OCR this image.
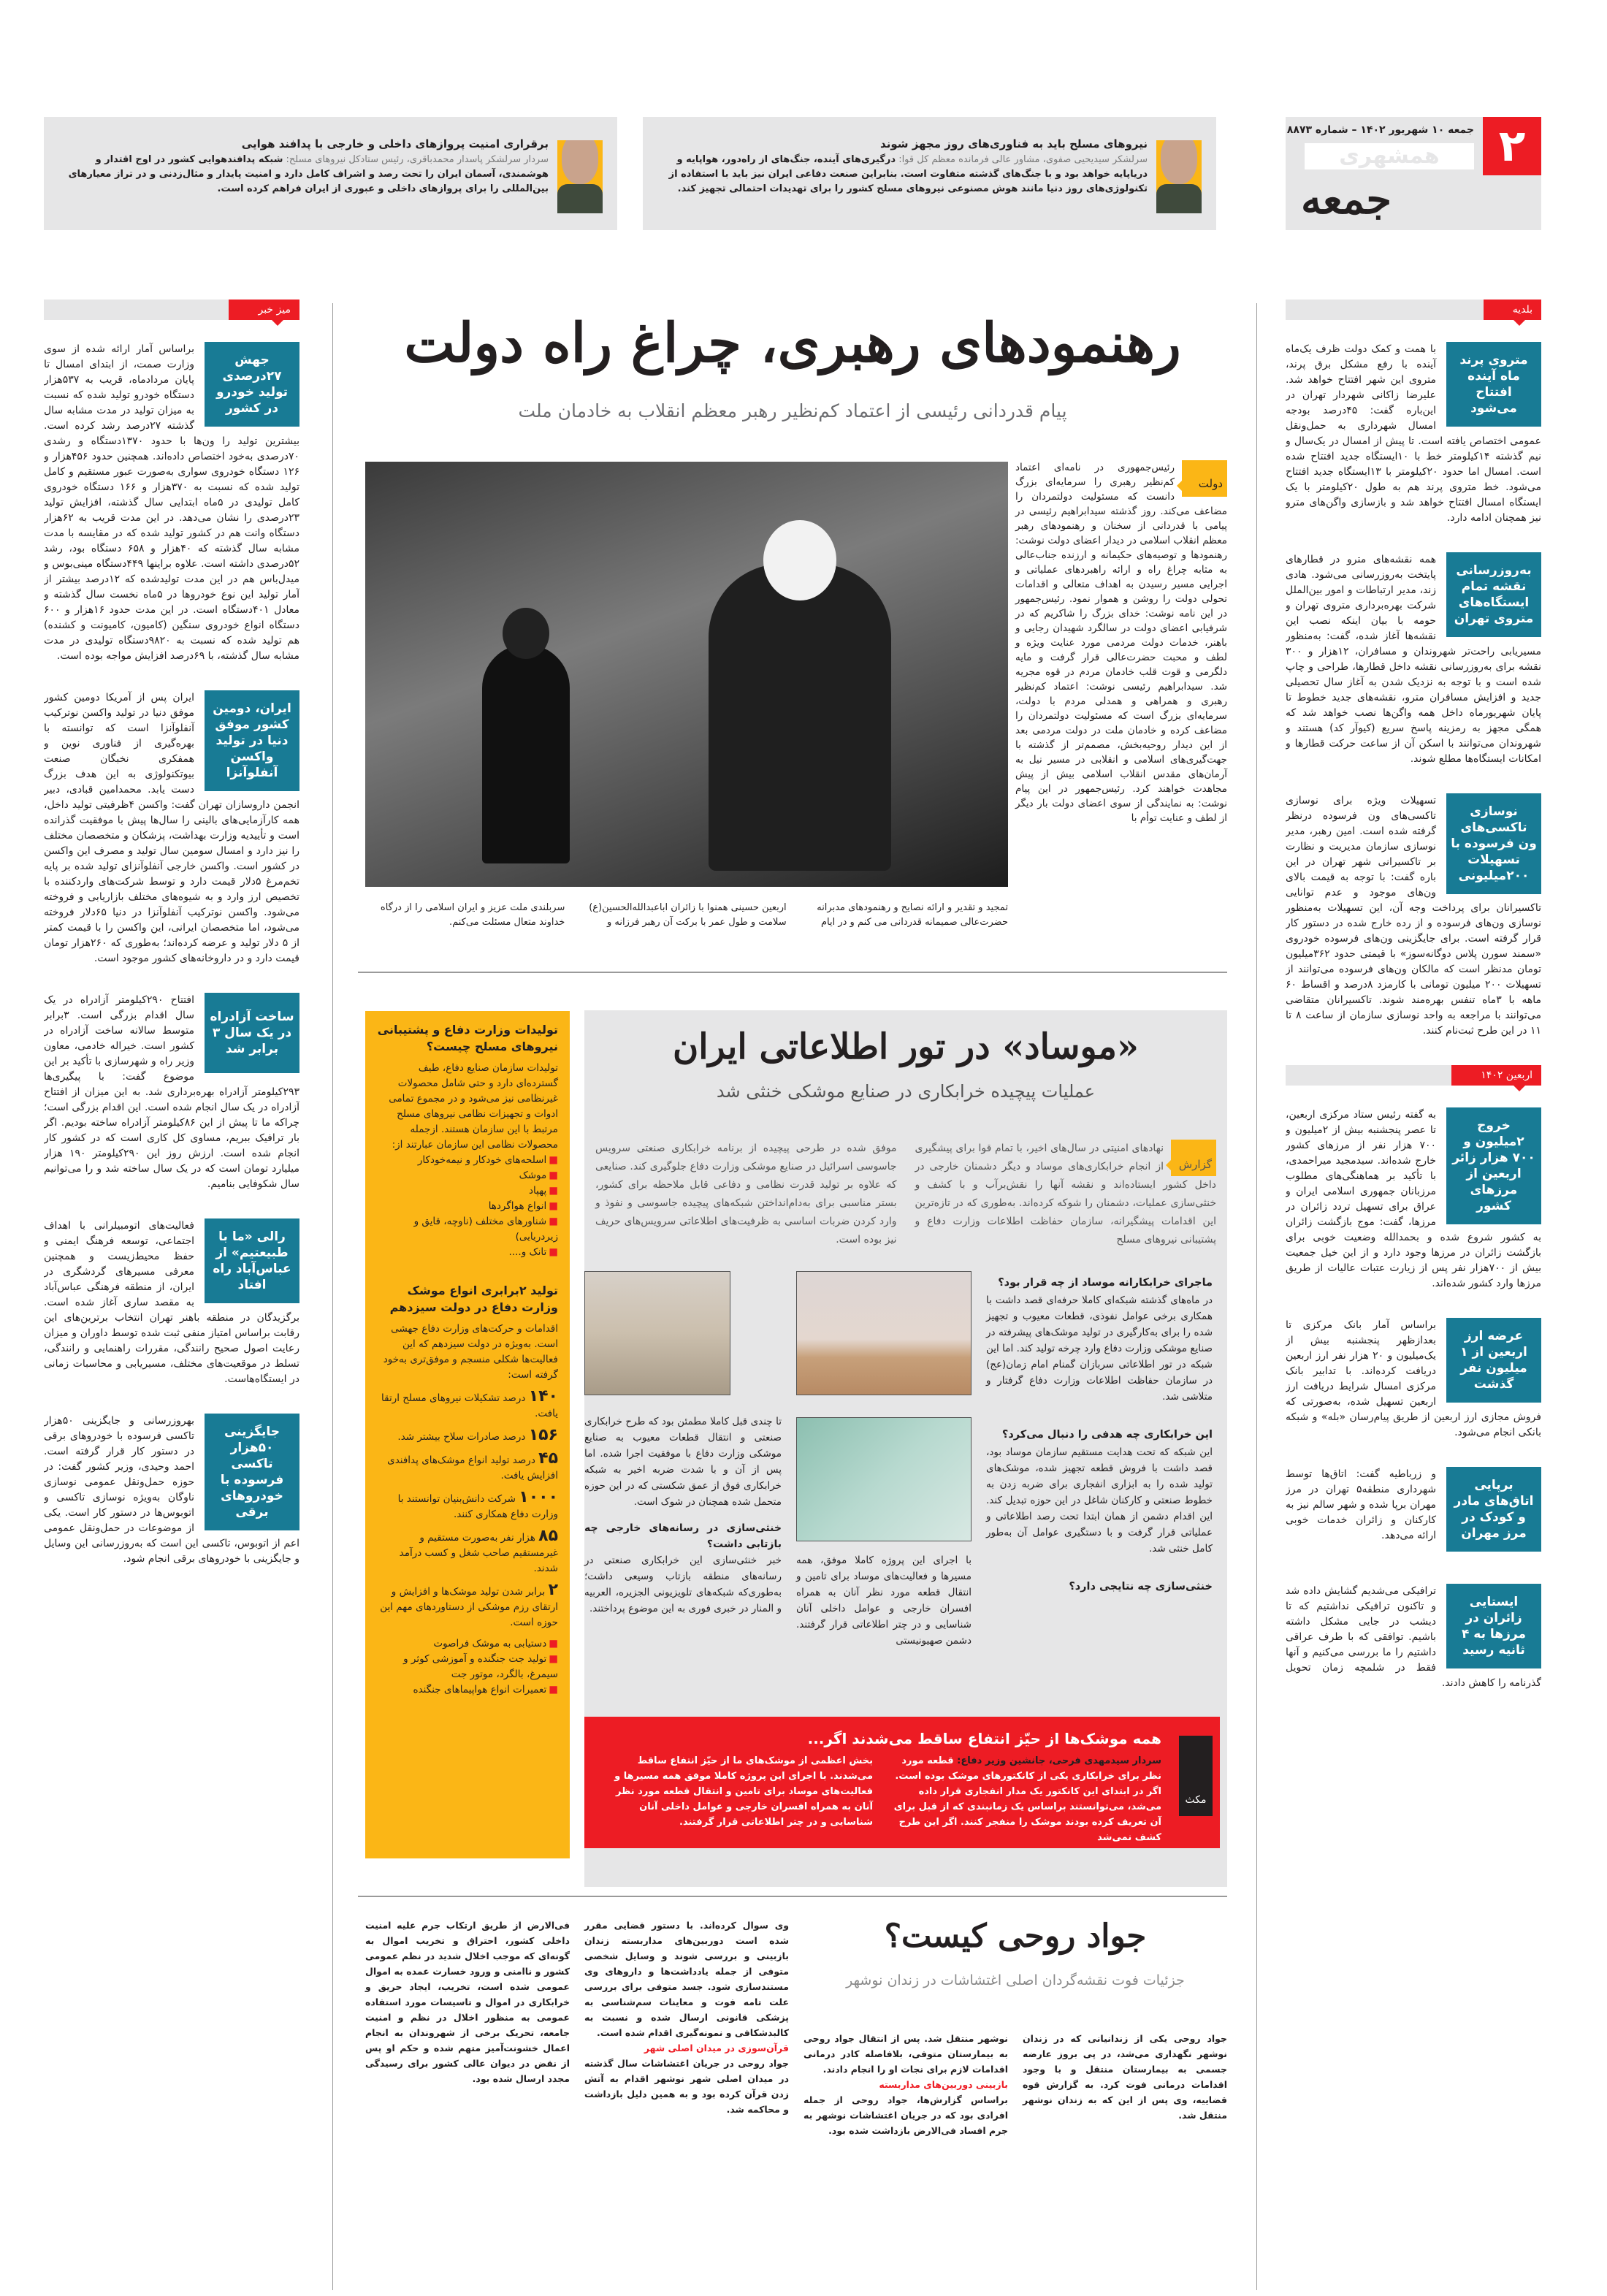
۲
جمعه ۱۰ شهریور ۱۴۰۲ – شماره ۸۸۷۳
همشهری
جمعه
نیروهای مسلح باید به فناوری‌های روز مجهز شوند

سرلشکر سیدیحیی صفوی، مشاور عالی فرمانده معظم کل قوا: درگیری‌های آینده، جنگ‌های از راه‌دور، هواپایه و دریاپایه خواهد بود و با جنگ‌های گذشته متفاوت است. بنابراین صنعت دفاعی ایران نیز باید با استفاده از تکنولوژی‌های روز دنیا مانند هوش مصنوعی نیروهای مسلح کشور را برای تهدیدات احتمالی تجهیز کند.

برقراری امنیت پروازهای داخلی و خارجی با پدافند هوایی

سردار سرلشکر پاسدار محمدباقری، رئیس ستادکل نیروهای مسلح: شبکه پدافندهوایی کشور در اوج اقتدار و هوشمندی، آسمان ایران را تحت رصد و اشراف کامل دارد و امنیت پایدار و مثال‌زدنی و در تراز معیارهای بین‌المللی را برای پروازهای داخلی و عبوری از ایران فراهم کرده است.

بلدیه
متروی پرند ماه آینده افتتاح می‌شود
با همت و کمک دولت ظرف یک‌ماه آینده با رفع مشکل برق پرند، متروی این شهر افتتاح خواهد شد. علیرضا زاکانی شهردار تهران در این‌باره گفت: ۴۵درصد بودجه امسال شهرداری به حمل‌ونقل عمومی اختصاص یافته است. تا پیش از امسال در یک‌سال و نیم گذشته ۱۴کیلومتر خط با ۱۰ایستگاه جدید افتتاح شده است. امسال اما حدود ۲۰کیلومتر با ۱۳ایستگاه جدید افتتاح می‌شود. خط متروی پرند هم به طول ۲۰کیلومتر با یک ایستگاه امسال افتتاح خواهد شد و بازسازی واگن‌های مترو نیز همچنان ادامه دارد.
به‌روزرسانی نقشه تمام ایستگاه‌های متروی تهران
همه نقشه‌های مترو در قطارهای پایتخت به‌روزرسانی می‌شود. هادی زند، مدیر ارتباطات و امور بین‌الملل شرکت بهره‌برداری متروی تهران و حومه با بیان اینکه نصب این نقشه‌ها آغاز شده، گفت: به‌منظور مسیریابی راحت‌تر شهروندان و مسافران، ۱۲هزار و ۳۰۰ نقشه برای به‌روزرسانی نقشه داخل قطارها، طراحی و چاپ شده است و با توجه به نزدیک شدن به آغاز سال تحصیلی جدید و افزایش مسافران مترو، نقشه‌های جدید خطوط تا پایان شهریورماه داخل همه واگن‌ها نصب خواهد شد که همگی مجهز به رمزینه پاسخ سریع (کیوآر کد) هستند و شهروندان می‌توانند با اسکن آن از ساعت حرکت قطارها و امکانات ایستگاه‌ها مطلع شوند.
نوسازی تاکسی‌های ون فرسوده با تسهیلات ۲۰۰میلیونی
تسهیلات ویژه برای نوسازی تاکسی‌های ون فرسوده درنظر گرفته شده است. امین رهبر، مدیر نوسازی سازمان مدیریت و نظارت بر تاکسیرانی شهر تهران در این باره گفت: با توجه به قیمت بالای ون‌های موجود و عدم توانایی تاکسیرانان برای پرداخت وجه آن، این تسهیلات به‌منظور نوسازی ون‌های فرسوده و از رده خارج شده در دستور کار قرار گرفته است. برای جایگزینی ون‌های فرسوده خودروی «سمند سورن پلاس دوگانه‌سوز» با قیمتی حدود ۳۶۲میلیون تومان مدنظر است که مالکان ون‌های فرسوده می‌توانند از تسهیلات ۲۰۰ میلیون تومانی با کارمزد ۸درصد و اقساط ۶۰ ماهه با ۳ماه تنفس بهره‌مند شوند. تاکسیرانان متقاضی می‌توانند با مراجعه به واحد نوسازی سازمان از ساعت ۸ تا ۱۱ در این طرح ثبت‌نام کنند.
اربعین ۱۴۰۲
خروج ۲میلیون و ۷۰۰ هزار زائر اربعین از مرزهای کشور
به گفته رئیس ستاد مرکزی اربعین، تا عصر پنجشنبه بیش از ۲میلیون و ۷۰۰ هزار نفر از مرزهای کشور خارج شده‌اند. سیدمجید میراحمدی، با تأکید بر هماهنگی‌های مطلوب مرزبانان جمهوری اسلامی ایران و عراق برای تسهیل تردد زائران در مرزها، گفت: موج بازگشت زائران به کشور شروع شده و بحمدالله وضعیت خوبی برای بازگشت زائران در مرزها وجود دارد و از این خیل جمعیت بیش از ۷۰۰هزار نفر پس از زیارت عتبات عالیات از طریق مرزها وارد کشور شده‌اند.
عرضه ارز اربعین از ۱ میلیون نفر گذشت
براساس آمار بانک مرکزی تا بعدازظهر پنجشنبه بیش از یک‌میلیون و ۲۰ هزار نفر ارز اربعین دریافت کرده‌اند. با تدابیر بانک مرکزی امسال شرایط دریافت ارز اربعین تسهیل شده، به‌صورتی که فروش مجازی ارز اربعین از طریق پیام‌رسان «بله» و شبکه بانکی انجام می‌شود.
برپایی اتاق‌های مادر و کودک در مرز مهران
و زرباطیه گفت: اتاق‌ها توسط شهرداری منطقه۵ تهران در مرز مهران برپا شده و شهر سالم نیز به کارکنان و زائران خدمات خوبی ارائه می‌دهد.
ایستایی زائران در مرزها به ۴ ثانیه رسید
ترافیکی می‌شدیم گشایش داده شد و تاکنون ترافیکی نداشتیم که تا دیشب در جایی مشکل داشته باشیم. توافقی که با طرف عراقی داشتیم را ما بررسی می‌کنیم و آنها فقط در شلمچه زمان تحویل گذرنامه را کاهش دادند.
میز خبر
جهش ۲۷درصدی تولید خودرو در کشور
براساس آمار ارائه شده از سوی وزارت صمت، از ابتدای امسال تا پایان مردادماه، قریب به ۵۳۷هزار دستگاه خودرو تولید شده که نسبت به میزان تولید در مدت مشابه سال گذشته ۲۷درصد رشد کرده است. بیشترین تولید را ون‌ها با حدود ۱۳۷۰دستگاه و رشدی ۷۰درصدی به‌خود اختصاص داده‌اند. همچنین حدود ۴۵۶هزار و ۱۲۶ دستگاه خودروی سواری به‌صورت عبور مستقیم و کامل تولید شده که نسبت به ۳۷۰هزار و ۱۶۶ دستگاه خودروی کامل تولیدی در ۵ماه ابتدایی سال گذشته، افزایش تولید ۲۳درصدی را نشان می‌دهد. در این مدت قریب به ۶۲هزار دستگاه وانت هم در کشور تولید شده که در مقایسه با مدت مشابه سال گذشته که ۴۰هزار و ۶۵۸ دستگاه بود، رشد ۵۲درصدی داشته است. علاوه براینها ۴۴۹دستگاه مینی‌بوس و میدل‌باس هم در این مدت تولیدشده که ۱۲درصد بیشتر از آمار تولید این نوع خودروها در ۵ماه نخست سال گذشته و معادل ۴۰۱دستگاه است. در این مدت حدود ۱۶هزار و ۶۰۰ دستگاه انواع خودروی سنگین (کامیون، کامیونت و کشنده) هم تولید شده که نسبت به ۹۸۲۰دستگاه تولیدی در مدت مشابه سال گذشته، با ۶۹درصد افزایش مواجه بوده است.
ایران، دومین کشور موفق دنیا در تولید واکسن آنفلوآنزا
ایران پس از آمریکا دومین کشور موفق دنیا در تولید واکسن نوترکیب آنفلوآنزا است که توانسته با بهره‌گیری از فناوری نوین و همفکری نخبگان صنعت بیوتکنولوژی به این هدف بزرگ دست یابد. محمدامین قبادی، دبیر انجمن داروسازان تهران گفت: واکسن ۴ظرفیتی تولید داخل، همه کارآزمایی‌های بالینی را سال‌ها پیش با موفقیت گذرانده است و تأییدیه وزارت بهداشت، پزشکان و متخصصان مختلف را نیز دارد و امسال سومین سال تولید و مصرف این واکسن در کشور است. واکسن خارجی آنفلوآنزای تولید شده بر پایه تخم‌مرغ ۵دلار قیمت دارد و توسط شرکت‌های واردکننده با تخصیص ارز وارد و به شیوه‌های مختلف بازاریابی و فروخته می‌شود. واکسن نوترکیب آنفلوآنزا در دنیا ۶۵دلار فروخته می‌شود، اما متخصصان ایرانی، این واکسن را با قیمت کمتر از ۵ دلار تولید و عرضه کرده‌اند؛ به‌طوری که ۲۶۰هزار تومان قیمت دارد و در داروخانه‌های کشور موجود است.
ساخت آزادراه در یک سال ۳ برابر شد
افتتاح ۲۹۰کیلومتر آزادراه در یک سال اقدام بزرگی است. ۳برابر متوسط سالانه ساخت آزادراه در کشور است. خیراله خادمی، معاون وزیر راه و شهرسازی با تأکید بر این موضوع گفت: با پیگیری‌ها ۲۹۳کیلومتر آزادراه بهره‌برداری شد. به این میزان از افتتاح آزادراه در یک سال انجام شده است. این اقدام بزرگی است؛ چراکه ما تا پیش از این ۸۶کیلومتر آزادراه ساخته بودیم. اگر بار ترافیک ببریم، مساوی کل کاری است که در کشور کار انجام شده است. ارزش روز این ۲۹۰کیلومتر ۱۹۰ هزار میلیارد تومان است که در یک سال ساخته شد و را می‌توانیم سال شکوفایی بنامیم.
رالی «ما با طبیعتیم» از عباس‌آباد راه افتاد
فعالیت‌های اتومبیلرانی با اهداف اجتماعی، توسعه فرهنگ ایمنی و حفظ محیط‌زیست و همچنین معرفی مسیرهای گردشگری در ایران، از منطقه فرهنگی عباس‌آباد به مقصد ساری آغاز شده است. برگزیدگان در منطقه باهنر تهران انتخاب برترین‌های این رقابت براساس امتیاز منفی ثبت شده توسط داوران و میزان رعایت اصول صحیح رانندگی، مقررات راهنمایی و رانندگی، تسلط در موقعیت‌های مختلف، مسیریابی و محاسبات زمانی در ایستگاه‌هاست.
جایگزینی ۵۰هزار تاکسی فرسوده با خودروهای برقی
بهروزرسانی و جایگزینی ۵۰هزار تاکسی فرسوده با خودروهای برقی در دستور کار قرار گرفته است. احمد وحیدی، وزیر کشور گفت: در حوزه حمل‌ونقل عمومی نوسازی ناوگان به‌ویژه نوسازی تاکسی و اتوبوس‌ها در دستور کار است. یکی از موضوعات در حمل‌ونقل عمومی اعم از اتوبوس، تاکسی این است که به‌روزرسانی این وسایل و جایگزینی با خودروهای برقی انجام شود.
رهنمودهای رهبری، چراغ راه دولت
پیام قدردانی رئیسی از اعتماد کم‌نظیر رهبر معظم انقلاب به خادمان ملت
دولت
رئیس‌جمهوری در نامه‌ای اعتماد کم‌نظیر رهبری را سرمایه‌ای بزرگ دانست که مسئولیت دولتمردان را مضاعف می‌کند. روز گذشته سیدابراهیم رئیسی در پیامی با قدردانی از سخنان و رهنمودهای رهبر معظم انقلاب اسلامی در دیدار اعضای دولت نوشت: رهنمودها و توصیه‌های حکیمانه و ارزنده جناب‌عالی به مثابه چراغ راه و ارائه راهبردهای عملیاتی و اجرایی مسیر رسیدن به اهداف متعالی و اقدامات تحولی دولت را روشن و هموار نمود. رئیس‌جمهور در این نامه نوشت: خدای بزرگ را شاکریم که در شرفیابی اعضای دولت در سالگرد شهیدان رجایی و باهنر، خدمات دولت مردمی مورد عنایت ویژه و لطف و محبت حضرت‌عالی قرار گرفت و مایه دلگرمی و قوت قلب خادمان مردم در قوه مجریه شد. سیدابراهیم رئیسی نوشت: اعتماد کم‌نظیر رهبری و همراهی و همدلی مردم با دولت، سرمایه‌ای بزرگ است که مسئولیت دولتمردان را مضاعف کرده و خادمان ملت در دولت مردمی بعد از این دیدار روحیه‌بخش، مصمم‌تر از گذشته با جهت‌گیری‌های اسلامی و انقلابی در مسیر نیل به آرمان‌های مقدس انقلاب اسلامی بیش از پیش مجاهدت خواهند کرد. رئیس‌جمهور در این پیام نوشت: به نمایندگی از سوی اعضای دولت بار دیگر از لطف و عنایت توأم با
تمجید و تقدیر و ارائه نصایح و رهنمودهای مدبرانه حضرت‌عالی صمیمانه قدردانی می کنم و در ایام
اربعین حسینی همنوا با زائران اباعبدالله‌الحسین(ع) سلامت و طول عمر با برکت آن رهبر فرزانه و
سربلندی ملت عزیز و ایران اسلامی را از درگاه خداوند متعال مسئلت می‌کنم.
تولیدات وزارت دفاع و پشتیبانی نیروهای مسلح چیست؟

تولیدات سازمان صنایع دفاع، طیف گسترده‌ای دارد و حتی شامل محصولات غیرنظامی نیز می‌شود و در مجموع تمامی ادوات و تجهیزات نظامی نیروهای مسلح مرتبط با این سازمان هستند. ازجمله محصولات نظامی این سازمان عبارتند از:

■ اسلحه‌های خودکار و نیمه‌خودکار
■ موشک
■ پهپاد
■ انواع هواگردها
■ شناورهای مختلف (ناوچه، قایق و زیردریایی)
■ تانک و....
تولید ۲برابری انواع موشک وزارت دفاع در دولت سیزدهم

اقدامات و حرکت‌های وزارت دفاع جهشی است. به‌ویژه در دولت سیزدهم که این فعالیت‌ها شکلی منسجم و موفق‌تری به‌خود گرفته است:

۱۴۰ درصد تشکیلات نیروهای مسلح ارتقا یافت.

۱۵۶ درصد صادرات سلاح بیشتر شد.

۴۵ درصد تولید انواع موشک‌های پدافندی افزایش یافت.

۱۰۰۰ شرکت دانش‌بنیان توانستند با وزارت دفاع همکاری کنند.

۸۵ هزار نفر به‌صورت مستقیم و غیرمستقیم صاحب شغل و کسب درآمد شدند.

۲ برابر شدن تولید موشک‌ها و افزایش و ارتقای رزم موشکی از دستاوردهای مهم این حوزه است.

■ دستیابی به موشک فراصوت
■ تولید جت جنگنده و آموزشی کوثر و سیمرغ، بالگرد، موتور جت
■ تعمیرات انواع هواپیماهای جنگنده
«موساد» در تور اطلاعاتی ایران
عملیات پیچیده خرابکاری در صنایع موشکی خنثی شد
گزارش
نهادهای امنیتی در سال‌های اخیر، با تمام قوا برای پیشگیری از انجام خرابکاری‌های موساد و دیگر دشمنان خارجی در داخل کشور ایستاده‌اند و نقشه آنها را نقش‌برآب و با کشف و خنثی‌سازی عملیات، دشمنان را شوکه کرده‌اند. به‌طوری که در تازه‌ترین این اقدامات پیشگیرانه، سازمان حفاظت اطلاعات وزارت دفاع و پشتیبانی نیروهای مسلح
موفق شده در طرحی پیچیده از برنامه خرابکاری صنعتی سرویس جاسوسی اسرائیل در صنایع موشکی وزارت دفاع جلوگیری کند. صنایعی که علاوه بر تولید قدرت نظامی و دفاعی قابل ملاحظه برای کشور، بستر مناسبی برای به‌دام‌انداختن شبکه‌های پیچیده جاسوسی و نفوذ و وارد کردن ضربات اساسی به ظرفیت‌های اطلاعاتی سرویس‌های حریف نیز بوده است.
ماجرای خرابکارانه موساد از چه قرار بود؟

در ماه‌های گذشته شبکه‌ای کاملا حرفه‌ای قصد داشت با همکاری برخی عوامل نفوذی، قطعات معیوب و تجهیز شده را برای به‌کارگیری در تولید موشک‌های پیشرفته در صنایع موشکی وزارت دفاع وارد چرخه تولید کند. اما این شبکه در تور اطلاعاتی سربازان گمنام امام زمان(عج) در سازمان حفاظت اطلاعات وزارت دفاع گرفتار و متلاشی شد.

این خرابکاری چه هدفی را دنبال می‌کرد؟

این شبکه که تحت هدایت مستقیم سازمان موساد بود، قصد داشت با فروش قطعه تجهیز شده، موشک‌های تولید شده را به ابزاری انفجاری برای ضربه زدن به خطوط صنعتی و کارکنان شاغل در این حوزه تبدیل کند. این اقدام دشمن از همان ابتدا تحت رصد اطلاعاتی و عملیاتی قرار گرفت و با دستگیری عوامل آن به‌طور کامل خنثی شد.

خنثی‌سازی چه نتایجی دارد؟
با اجرای این پروژه کاملا موفق، همه مسیرها و فعالیت‌های موساد برای تامین و انتقال قطعه مورد نظر آنان به همراه افسران خارجی و عوامل داخلی آنان شناسایی و در چتر اطلاعاتی قرار گرفتند. دشمن صهیونیستی

تا چندی قبل کاملا مطمئن بود که طرح خرابکاری صنعتی و انتقال قطعات معیوب به صنایع موشکی وزارت دفاع با موفقیت اجرا شده. اما پس از آن و با شدت ضربه اخیر به شبکه خرابکاری فوق از عمق شکستی که در این حوزه متحمل شده همچنان در شوک است.

خنثی‌سازی در رسانه‌های خارجی چه بازتابی داشت؟

خبر خنثی‌سازی این خرابکاری صنعتی در رسانه‌های منطقه بازتاب وسیعی داشت؛ به‌طوری‌که شبکه‌های تلویزیونی الجزیره، العربیه و المنار در خبری فوری به این موضوع پرداختند.

مکث
همه موشک‌ها از حیّز انتفاع ساقط می‌شدند اگر...
سردار سیدمهدی فرحی، جانشین وزیر دفاع: قطعه مورد نظر برای خرابکاری یکی از کانکتورهای موشک بوده است. اگر در ابتدای این کانکتور یک مدار انفجاری قرار داده می‌شد، می‌توانستند براساس یک زمانبندی که از قبل برای آن تعریف کرده بودند موشک را منفجر کنند. اگر این طرح کشف نمی‌شد
بخش اعظمی از موشک‌های ما از حیّز انتفاع ساقط می‌شدند. با اجرای این پروژه کاملا موفق همه مسیرها و فعالیت‌های موساد برای تامین و انتقال قطعه مورد نظر آنان به همراه افسران خارجی و عوامل داخلی آنان شناسایی و در چتر اطلاعاتی قرار گرفتند.
جواد روحی کیست؟
جزئیات فوت نقشه‌گردان اصلی اغتشاشات در زندان نوشهر
جواد روحی یکی از زندانیانی که در زندان نوشهر نگهداری می‌شد، در پی بروز عارضه جسمی به بیمارستان منتقل و با وجود اقدامات درمانی فوت کرد. به گزارش قوه قضاییه، وی پس از این که به زندان نوشهر منتقل شد.

نوشهر منتقل شد. پس از انتقال جواد روحی به بیمارستان متوفی، بلافاصله کادر درمانی اقدامات لازم برای نجات او را انجام دادند.

بازبینی دوربین‌های مداربسته

براساس گزارش‌ها، جواد روحی از جمله افرادی بود که در جریان اغتشاشات نوشهر به جرم افساد فی‌الارض بازداشت شده بود.

وی سوال کرده‌اند. با دستور قضایی مقرر شده است دوربین‌های مداربسته زندان بازبینی و بررسی شوند و وسایل شخصی متوفی از جمله یادداشت‌ها و داروهای وی مستندسازی شود. جسد متوفی برای بررسی علت تامه فوت و معاینات سم‌شناسی به پزشکی قانونی ارسال شده و نسبت به کالبدشکافی و نمونه‌گیری اقدام شده است.

قرآن‌سوزی در میدان اصلی شهر

جواد روحی در جریان اغتشاشات سال گذشته در میدان اصلی شهر نوشهر اقدام به آتش زدن قرآن کرده بود و به همین دلیل بازداشت و محاکمه شد.

فی‌الارض از طریق ارتکاب جرم علیه امنیت داخلی کشور، احتراق و تخریب اموال به گونه‌ای که موجب اخلال شدید در نظم عمومی کشور و ناامنی و ورود خسارت عمده به اموال عمومی شده است، تخریب، ایجاد حریق و خرابکاری در اموال و تاسیسات مورد استفاده عمومی به منظور اخلال در نظم و امنیت جامعه، تحریک برخی از شهروندان به انجام اعمال خشونت‌آمیز متهم شده و حکم او پس از نقض در دیوان عالی کشور برای رسیدگی مجدد ارسال شده بود.
